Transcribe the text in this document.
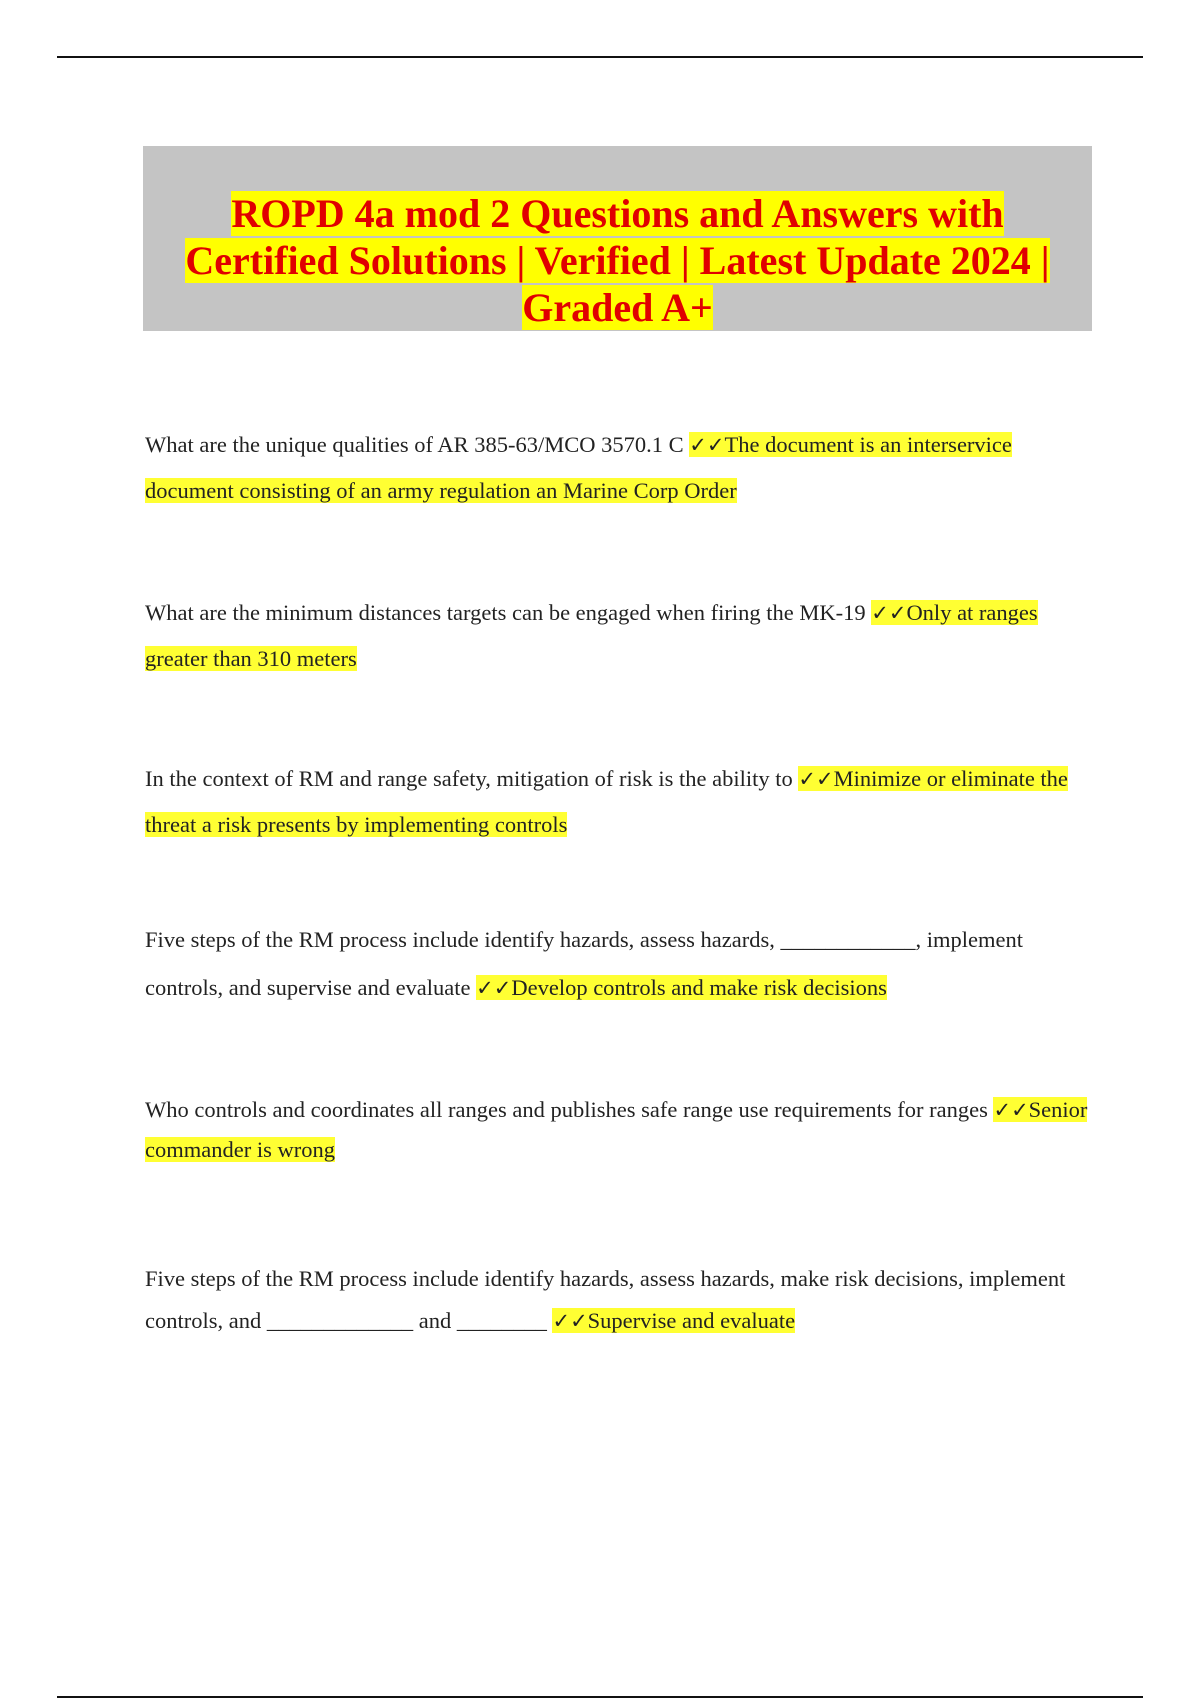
ROPD 4a mod 2 Questions and Answers with Certified Solutions | Verified | Latest Update 2024 | Graded A+
What are the unique qualities of AR 385-63/MCO 3570.1 C ✓✓The document is an interservice document consisting of an army regulation an Marine Corp Order
What are the minimum distances targets can be engaged when firing the MK-19 ✓✓Only at ranges greater than 310 meters
In the context of RM and range safety, mitigation of risk is the ability to ✓✓Minimize or eliminate the threat a risk presents by implementing controls
Five steps of the RM process include identify hazards, assess hazards, ____________, implement controls, and supervise and evaluate ✓✓Develop controls and make risk decisions
Who controls and coordinates all ranges and publishes safe range use requirements for ranges ✓✓Senior commander is wrong
Five steps of the RM process include identify hazards, assess hazards, make risk decisions, implement controls, and _____________ and ________ ✓✓Supervise and evaluate
